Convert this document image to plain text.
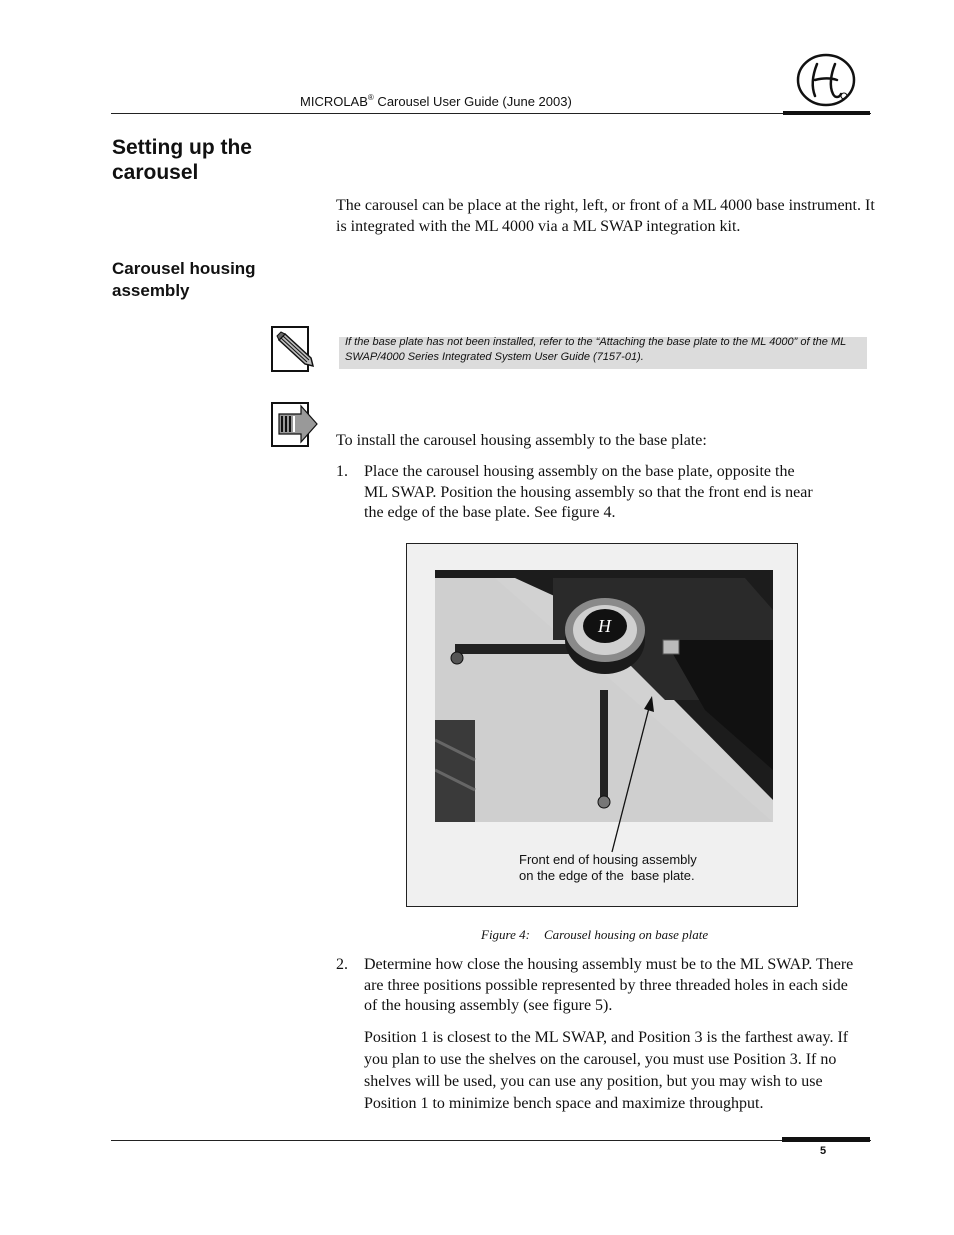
MICROLAB® Carousel User Guide (June 2003)
Setting up the carousel

The carousel can be place at the right, left, or front of a ML 4000 base instrument. It is integrated with the ML 4000 via a ML SWAP integration kit.

Carousel housing assembly
If the base plate has not been installed, refer to the “Attaching the base plate to the ML 4000” of the ML SWAP/4000 Series Integrated System User Guide (7157-01).

To install the carousel housing assembly to the base plate:

1.	Place the carousel housing assembly on the base plate, opposite the ML SWAP. Position the housing assembly so that the front end is near the edge of the base plate. See figure 4.
H
Front end of housing assembly
on the edge of the  base plate.
Figure 4: Carousel housing on base plate
2.	Determine how close the housing assembly must be to the ML SWAP. There are three positions possible represented by three threaded holes in each side of the housing assembly (see figure 5).
Position 1 is closest to the ML SWAP, and Position 3 is the farthest away. If you plan to use the shelves on the carousel, you must use Position 3. If no shelves will be used, you can use any position, but you may wish to use Position 1 to minimize bench space and maximize throughput.
5
